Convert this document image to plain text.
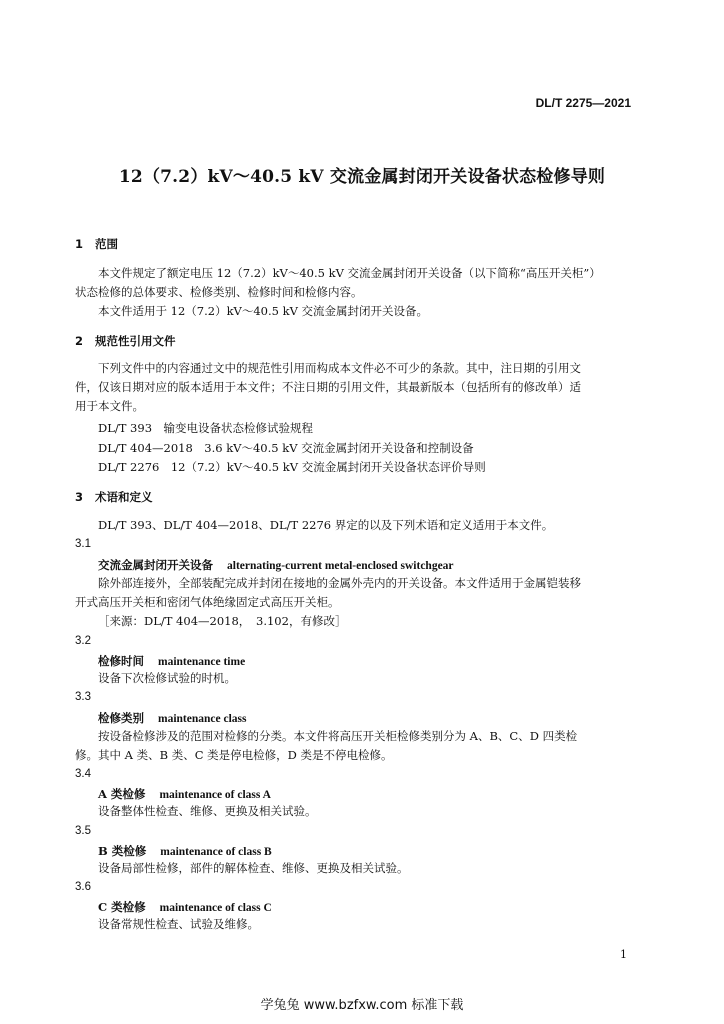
DL/T 2275—2021
12（7.2）kV～40.5 kV 交流金属封闭开关设备状态检修导则
1 范围
本文件规定了额定电压 12（7.2）kV～40.5 kV 交流金属封闭开关设备（以下简称“高压开关柜”）
状态检修的总体要求、检修类别、检修时间和检修内容。
本文件适用于 12（7.2）kV～40.5 kV 交流金属封闭开关设备。
2 规范性引用文件
下列文件中的内容通过文中的规范性引用而构成本文件必不可少的条款。其中，注日期的引用文
件，仅该日期对应的版本适用于本文件；不注日期的引用文件，其最新版本（包括所有的修改单）适
用于本文件。
DL/T 393　输变电设备状态检修试验规程
DL/T 404—2018　3.6 kV～40.5 kV 交流金属封闭开关设备和控制设备
DL/T 2276　12（7.2）kV～40.5 kV 交流金属封闭开关设备状态评价导则
3 术语和定义
DL/T 393、DL/T 404—2018、DL/T 2276 界定的以及下列术语和定义适用于本文件。
3.1
交流金属封闭开关设备 alternating-current metal-enclosed switchgear
除外部连接外，全部装配完成并封闭在接地的金属外壳内的开关设备。本文件适用于金属铠装移
开式高压开关柜和密闭气体绝缘固定式高压开关柜。
［来源：DL/T 404—2018，　3.102，有修改］
3.2
检修时间 maintenance time
设备下次检修试验的时机。
3.3
检修类别 maintenance class
按设备检修涉及的范围对检修的分类。本文件将高压开关柜检修类别分为 A、B、C、D 四类检
修。其中 A 类、B 类、C 类是停电检修，D 类是不停电检修。
3.4
A 类检修 maintenance of class A
设备整体性检查、维修、更换及相关试验。
3.5
B 类检修 maintenance of class B
设备局部性检修，部件的解体检查、维修、更换及相关试验。
3.6
C 类检修 maintenance of class C
设备常规性检查、试验及维修。
1
学兔兔 www.bzfxw.com 标准下载
